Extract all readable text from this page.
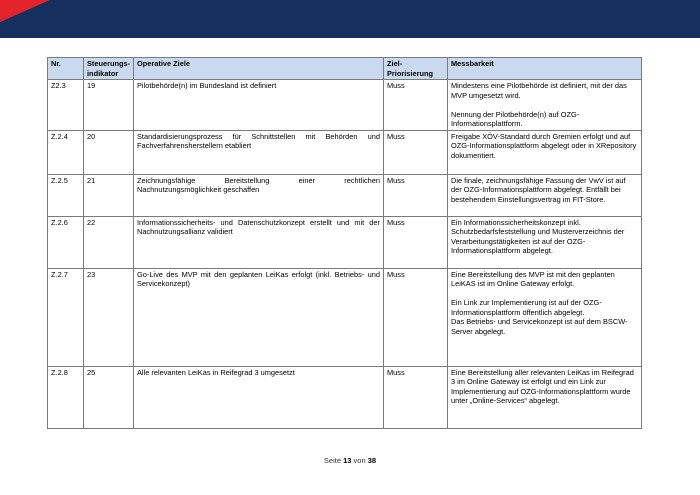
Nr.	Steuerungs-indikator	Operative Ziele	Ziel-Priorisierung	Messbarkeit
Z2.3	19	Pilotbehörde(n) im Bundesland ist definiert	Muss	Mindestens eine Pilotbehörde ist definiert, mit der das MVP umgesetzt wird.
Nennung der Pilotbehörde(n) auf OZG-Informationsplattform.
Z.2.4	20	Standardisierungsprozess für Schnittstellen mit Behörden und Fachverfahrensherstellern etabliert	Muss	Freigabe XÖV-Standard durch Gremien erfolgt und auf OZG-Informationsplattform abgelegt oder in XRepository dokumentiert.
Z.2.5	21	Zeichnungsfähige Bereitstellung einer rechtlichen Nachnutzungsmöglichkeit geschaffen	Muss	Die finale, zeichnungsfähige Fassung der VwV ist auf der OZG-Informationsplattform abgelegt. Entfällt bei bestehendem Einstellungsvertrag im FIT-Store.
Z.2.6	22	Informationssicherheits- und Datenschutzkonzept erstellt und mit der Nachnutzungsallianz validiert	Muss	Ein Informationssicherheitskonzept inkl. Schutzbedarfsfeststellung und Musterverzeichnis der Verarbeitungstätigkeiten ist auf der OZG-Informationsplattform abgelegt.
Z.2.7	23	Go-Live des MVP mit den geplanten LeiKas erfolgt (inkl. Betriebs- und Servicekonzept)	Muss	Eine Bereitstellung des MVP ist mit den geplanten LeiKAS ist im Online Gateway erfolgt.
Ein Link zur Implementierung ist auf der OZG-Informationsplattform öffentlich abgelegt.
Das Betriebs- und Servicekonzept ist auf dem BSCW-Server abgelegt.
Z.2.8	25	Alle relevanten LeiKas in Reifegrad 3 umgesetzt	Muss	Eine Bereitstellung aller relevanten LeiKas im Reifegrad 3 im Online Gateway ist erfolgt und ein Link zur Implementierung auf OZG-Informationsplattform wurde unter „Online-Services“ abgelegt.
Seite 13 von 38
